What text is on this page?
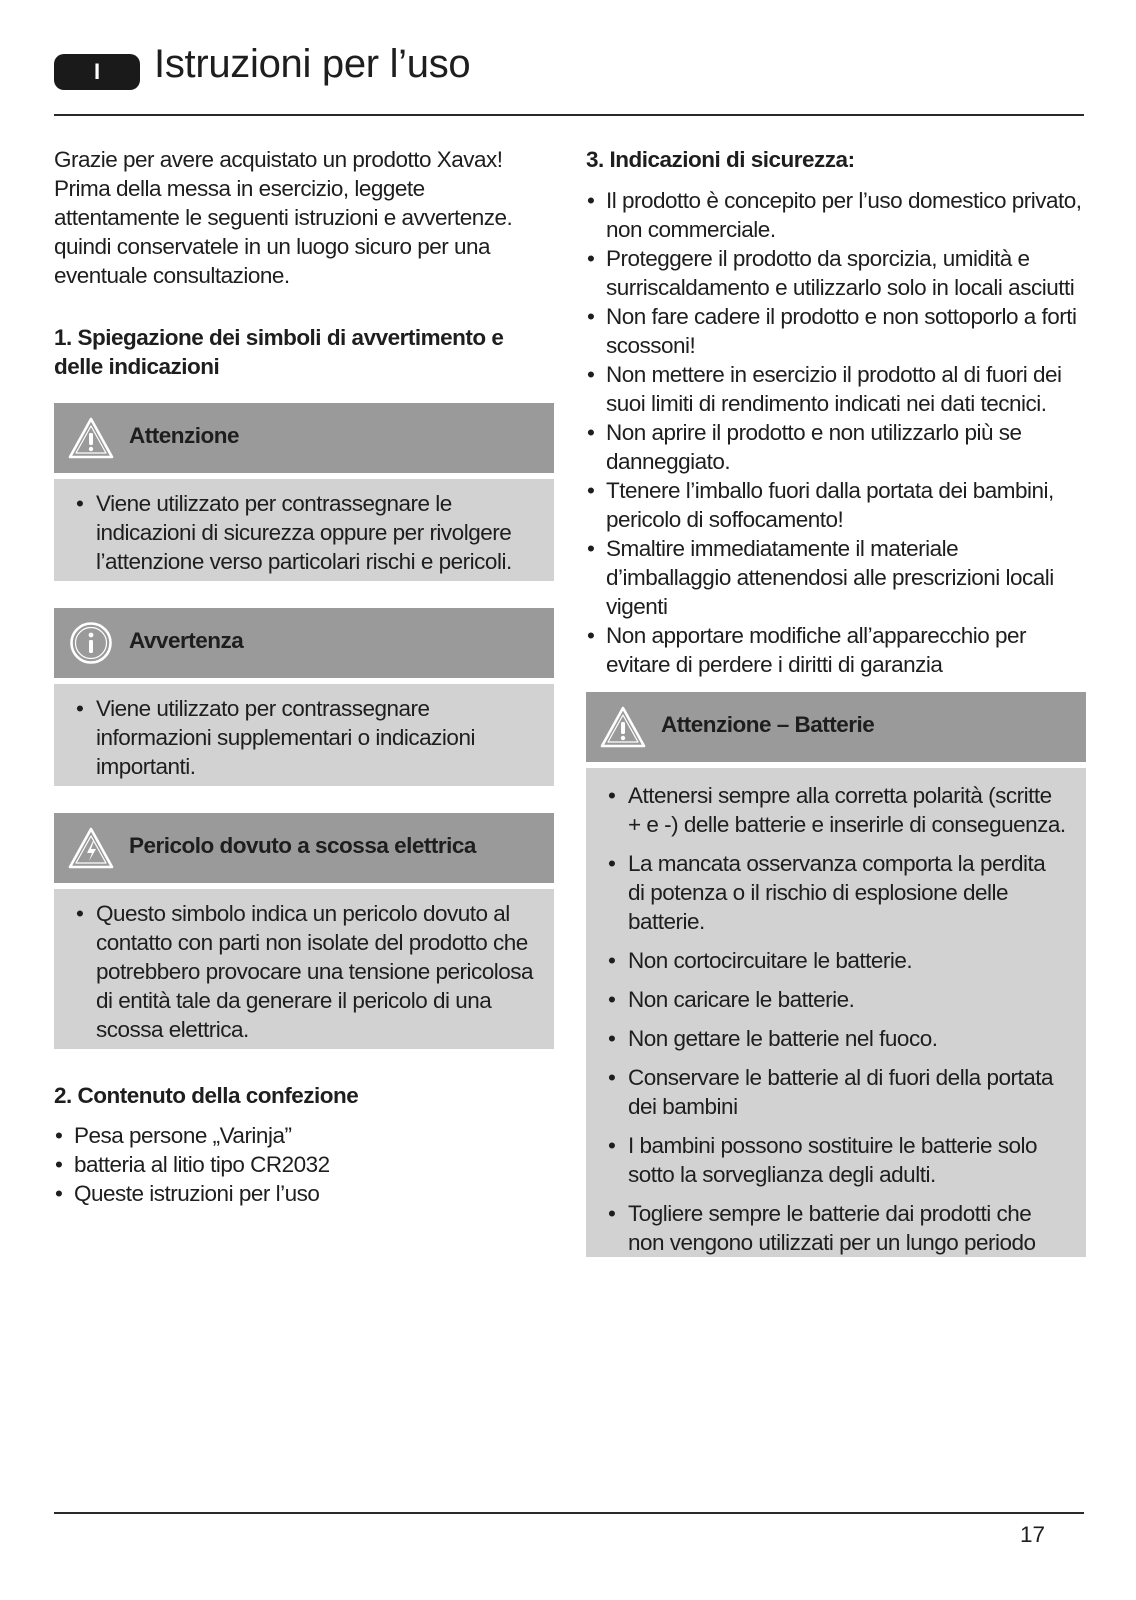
I	Istruzioni per l’uso

Grazie per avere acquistato un prodotto Xavax! Prima della messa in esercizio, leggete attentamente le seguenti istruzioni e avvertenze. quindi conservatele in un luogo sicuro per una eventuale consultazione.

1. Spiegazione dei simboli di avvertimento e delle indicazioni
Attenzione
• Viene utilizzato per contrassegnare le indicazioni di sicurezza oppure per rivolgere l’attenzione verso particolari rischi e pericoli.
Avvertenza
• Viene utilizzato per contrassegnare informazioni supplementari o indicazioni importanti.
Pericolo dovuto a scossa elettrica
• Questo simbolo indica un pericolo dovuto al contatto con parti non isolate del prodotto che potrebbero provocare una tensione pericolosa di entità tale da generare il pericolo di una scossa elettrica.
2. Contenuto della confezione
• Pesa persone „Varinja”
• batteria al litio tipo CR2032
• Queste istruzioni per l’uso
3. Indicazioni di sicurezza:
• Il prodotto è concepito per l’uso domestico privato, non commerciale.
• Proteggere il prodotto da sporcizia, umidità e surriscaldamento e utilizzarlo solo in locali asciutti
• Non fare cadere il prodotto e non sottoporlo a forti scossoni!
• Non mettere in esercizio il prodotto al di fuori dei suoi limiti di rendimento indicati nei dati tecnici.
• Non aprire il prodotto e non utilizzarlo più se danneggiato.
• Ttenere l’imballo fuori dalla portata dei bambini, pericolo di soffocamento!
• Smaltire immediatamente il materiale d’imballaggio attenendosi alle prescrizioni locali vigenti
• Non apportare modifiche all’apparecchio per evitare di perdere i diritti di garanzia
Attenzione – Batterie
• Attenersi sempre alla corretta polarità (scritte + e -) delle batterie e inserirle di conseguenza.
• La mancata osservanza comporta la perdita di potenza o il rischio di esplosione delle batterie.
• Non cortocircuitare le batterie.
• Non caricare le batterie.
• Non gettare le batterie nel fuoco.
• Conservare le batterie al di fuori della portata dei bambini
• I bambini possono sostituire le batterie solo sotto la sorveglianza degli adulti.
• Togliere sempre le batterie dai prodotti che non vengono utilizzati per un lungo periodo
17
